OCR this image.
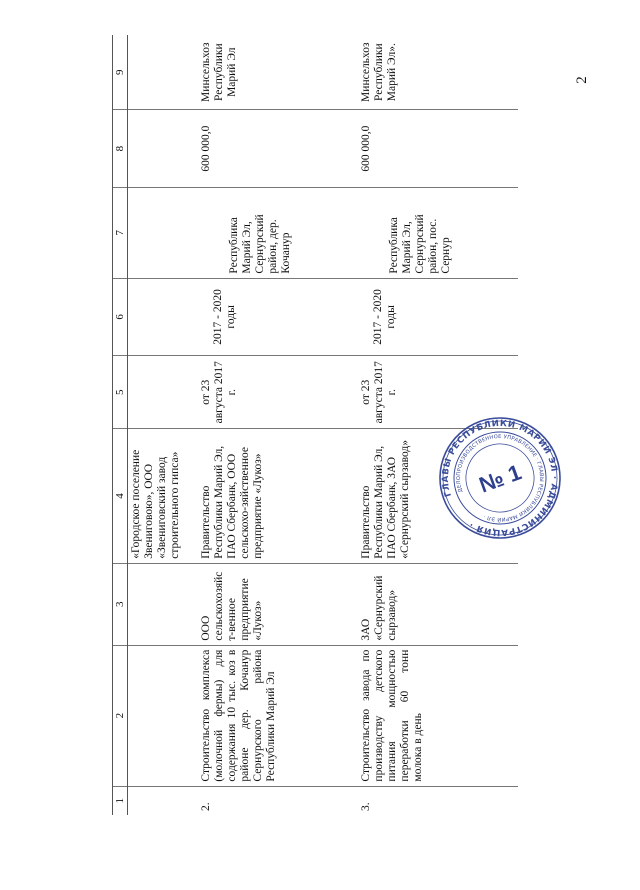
2
1	2	3	4	5	6	7	8	9
			«Городское поселение Звениговою», ООО «Звениговский завод строительного гипса»					
2.	Строительство комплекса (молочной фермы) для содержания 10 тыс. коз в районе дер. Кочанур Сернурского района Республики Марий Эл	ООО сельскохозяйст-венное предприятие «Лукоз»	Правительство Республики Марий Эл, ПАО Сбербанк, ООО сельскохо-зяйственное предприятие «Лукоз»	от 23 августа 2017 г.	2017 - 2020 годы	Республика Марий Эл, Сернурский район, дер. Кочанур	600 000,0	Минсельхоз Республики Марий Эл
3.	Строительство завода по производству детского питания мощностью переработки 60 тонн молока в день	ЗАО «Сернурский сырзавод»	Правительство Республики Марий Эл, ПАО Сбербанк, ЗАО «Сернурский сырзавод»	от 23 августа 2017 г.	2017 - 2020 годы	Республика Марий Эл, Сернурский район, пос. Сернур	600 000,0	Минсельхоз Республики Марий Эл».
ГЛАВЫ РЕСПУБЛИКИ МАРИЙ ЭЛ · АДМИНИСТРАЦИЯ ·
ДЕЛОПРОИЗВОДСТВЕННОЕ УПРАВЛЕНИЕ · ГЛАВЫ РЕСПУБЛИКИ МАРИЙ ЭЛ ·
№ 1
